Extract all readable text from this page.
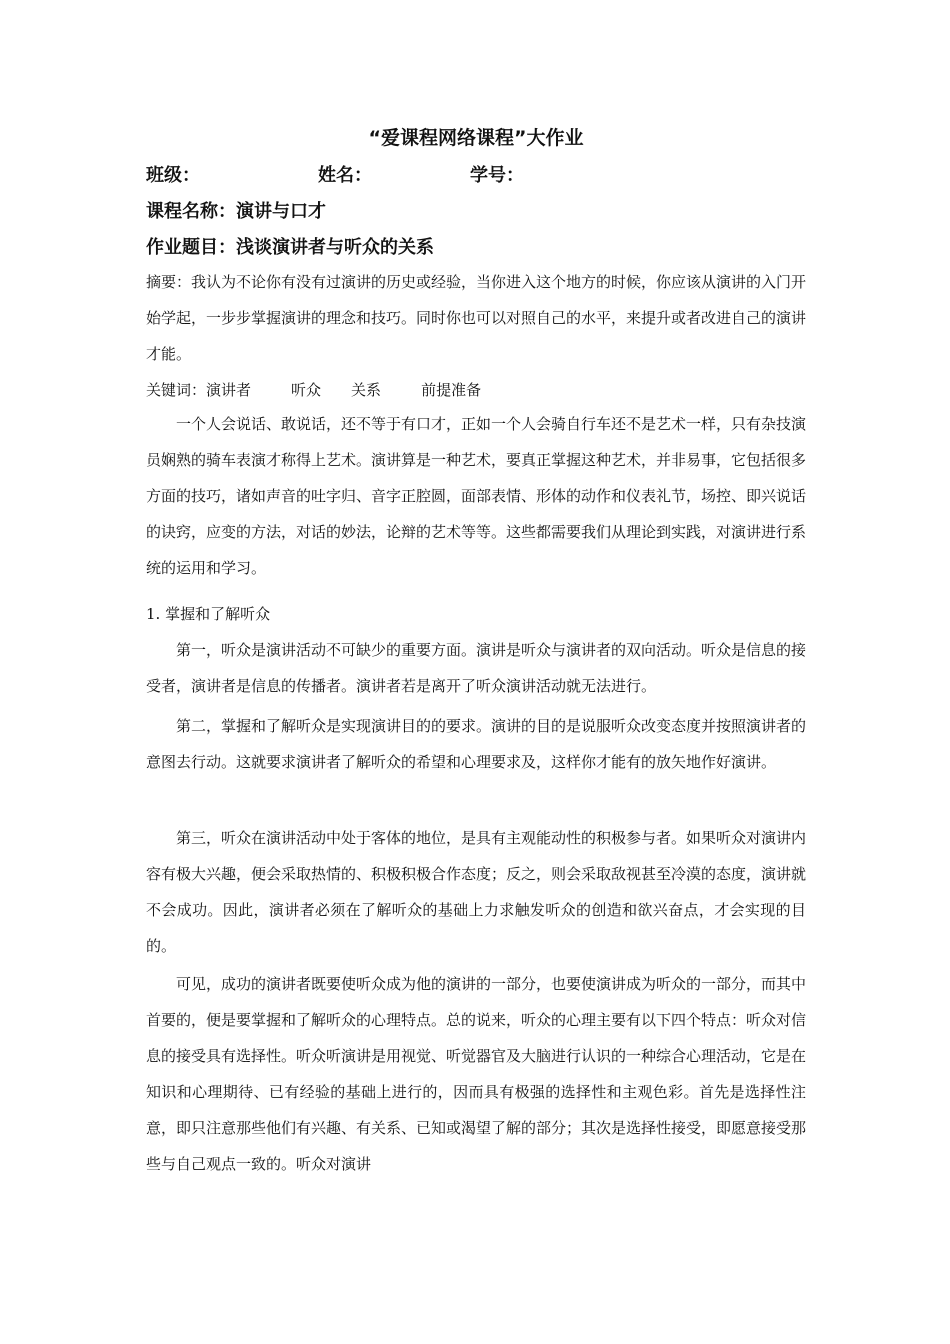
“爱课程网络课程”大作业
班级：	姓名：	学号：
课程名称：演讲与口才
作业题目：浅谈演讲者与听众的关系

摘要：我认为不论你有没有过演讲的历史或经验，当你进入这个地方的时候，你应该从演讲的入门开始学起，一步步掌握演讲的理念和技巧。同时你也可以对照自己的水平，来提升或者改进自己的演讲才能。

关键词：演讲者	听众 关系	前提准备

一个人会说话、敢说话，还不等于有口才，正如一个人会骑自行车还不是艺术一样，只有杂技演员娴熟的骑车表演才称得上艺术。演讲算是一种艺术，要真正掌握这种艺术，并非易事，它包括很多方面的技巧，诸如声音的吐字归、音字正腔圆，面部表情、形体的动作和仪表礼节，场控、即兴说话的诀窍，应变的方法，对话的妙法，论辩的艺术等等。这些都需要我们从理论到实践，对演讲进行系统的运用和学习。

1. 掌握和了解听众

第一，听众是演讲活动不可缺少的重要方面。演讲是听众与演讲者的双向活动。听众是信息的接受者，演讲者是信息的传播者。演讲者若是离开了听众演讲活动就无法进行。

第二，掌握和了解听众是实现演讲目的的要求。演讲的目的是说服听众改变态度并按照演讲者的意图去行动。这就要求演讲者了解听众的希望和心理要求及，这样你才能有的放矢地作好演讲。

第三，听众在演讲活动中处于客体的地位，是具有主观能动性的积极参与者。如果听众对演讲内容有极大兴趣，便会采取热情的、积极积极合作态度；反之，则会采取敌视甚至冷漠的态度，演讲就不会成功。因此，演讲者必须在了解听众的基础上力求触发听众的创造和欲兴奋点，才会实现的目的。

可见，成功的演讲者既要使听众成为他的演讲的一部分，也要使演讲成为听众的一部分，而其中首要的，便是要掌握和了解听众的心理特点。总的说来，听众的心理主要有以下四个特点：听众对信息的接受具有选择性。听众听演讲是用视觉、听觉器官及大脑进行认识的一种综合心理活动，它是在知识和心理期待、已有经验的基础上进行的，因而具有极强的选择性和主观色彩。首先是选择性注意，即只注意那些他们有兴趣、有关系、已知或渴望了解的部分；其次是选择性接受，即愿意接受那些与自己观点一致的。听众对演讲
